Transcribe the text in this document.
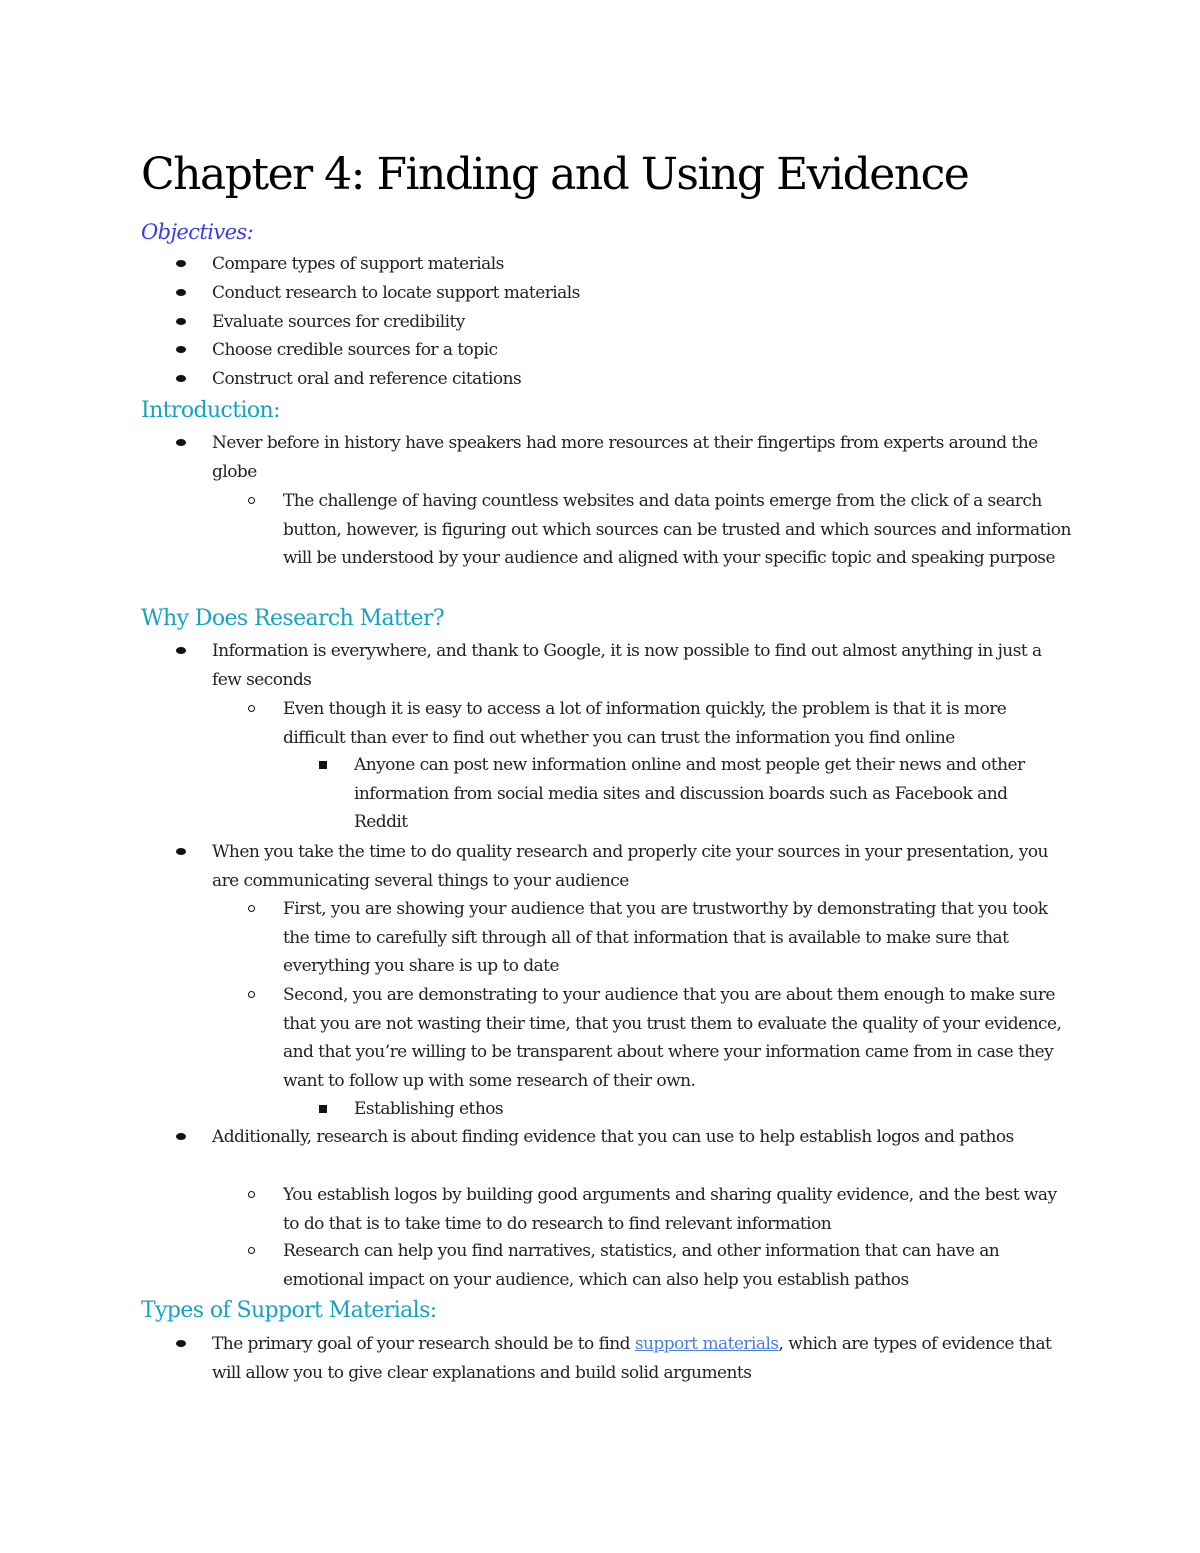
Chapter 4: Finding and Using Evidence
Objectives:
Compare types of support materials
Conduct research to locate support materials
Evaluate sources for credibility
Choose credible sources for a topic
Construct oral and reference citations
Introduction:
Never before in history have speakers had more resources at their fingertips from experts around the globe
The challenge of having countless websites and data points emerge from the click of a search button, however, is figuring out which sources can be trusted and which sources and information will be understood by your audience and aligned with your specific topic and speaking purpose
Why Does Research Matter?
Information is everywhere, and thank to Google, it is now possible to find out almost anything in just a few seconds
Even though it is easy to access a lot of information quickly, the problem is that it is more difficult than ever to find out whether you can trust the information you find online
Anyone can post new information online and most people get their news and other information from social media sites and discussion boards such as Facebook and Reddit
When you take the time to do quality research and properly cite your sources in your presentation, you are communicating several things to your audience
First, you are showing your audience that you are trustworthy by demonstrating that you took the time to carefully sift through all of that information that is available to make sure that everything you share is up to date
Second, you are demonstrating to your audience that you are about them enough to make sure that you are not wasting their time, that you trust them to evaluate the quality of your evidence, and that you’re willing to be transparent about where your information came from in case they want to follow up with some research of their own.
Establishing ethos
Additionally, research is about finding evidence that you can use to help establish logos and pathos
You establish logos by building good arguments and sharing quality evidence, and the best way to do that is to take time to do research to find relevant information
Research can help you find narratives, statistics, and other information that can have an emotional impact on your audience, which can also help you establish pathos
Types of Support Materials:
The primary goal of your research should be to find support materials, which are types of evidence that will allow you to give clear explanations and build solid arguments
